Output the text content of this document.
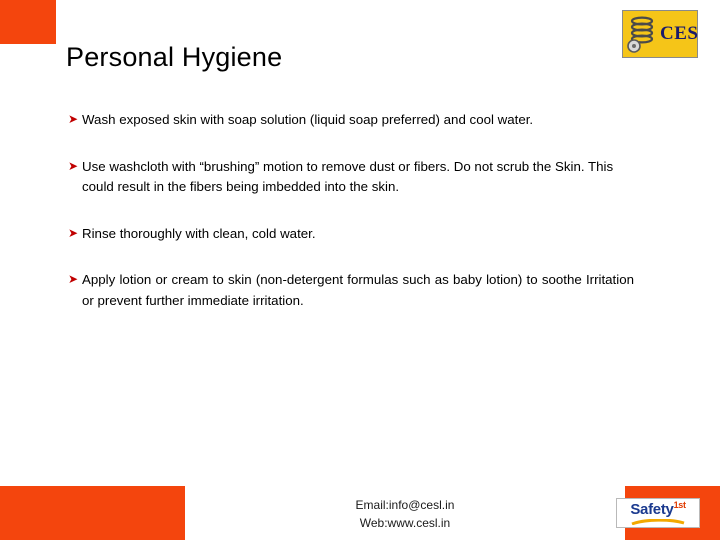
CES
Personal Hygiene
➤ Wash exposed skin with soap solution (liquid soap preferred) and cool water.

➤ Use washcloth with “brushing” motion to remove dust or fibers. Do not scrub the Skin. This could result in the fibers being imbedded into the skin.

➤ Rinse thoroughly with clean, cold water.

➤ Apply lotion or cream to skin (non-detergent formulas such as baby lotion) to soothe Irritation or prevent further immediate irritation.

Email:info@cesl.in
Web:www.cesl.in
Safety$^{1st}$
